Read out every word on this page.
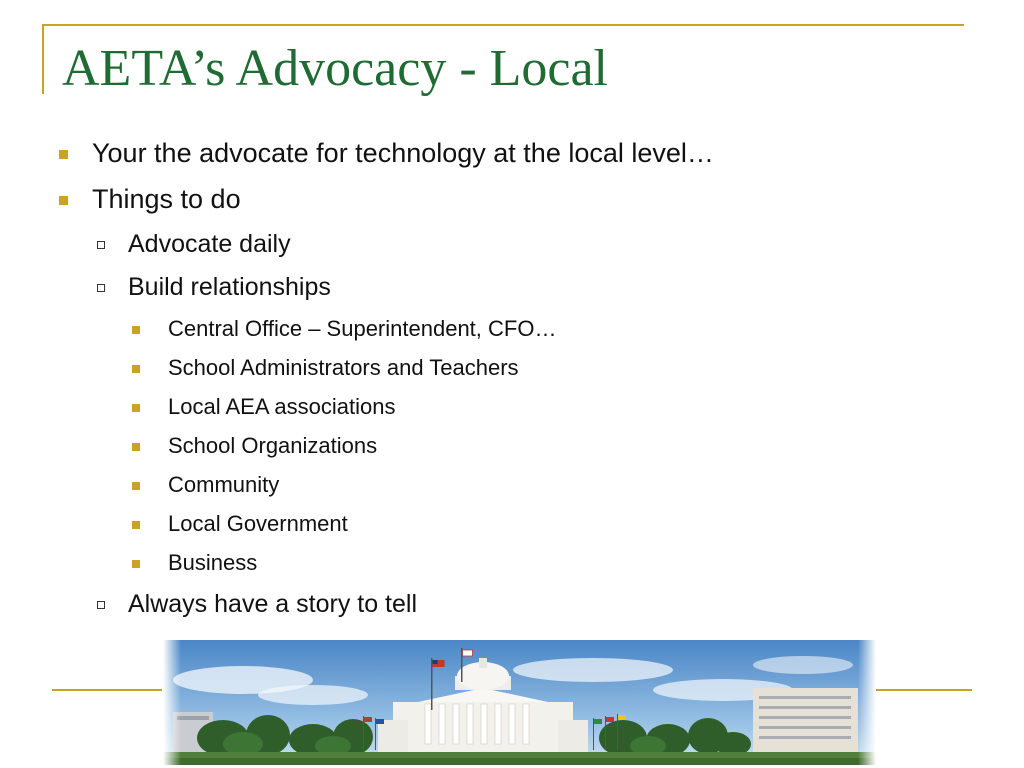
AETA’s Advocacy - Local
Your the advocate for technology at the local level…
Things to do
Advocate daily
Build relationships
Central Office – Superintendent, CFO…
School Administrators and Teachers
Local AEA associations
School Organizations
Community
Local Government
Business
Always have a story to tell
